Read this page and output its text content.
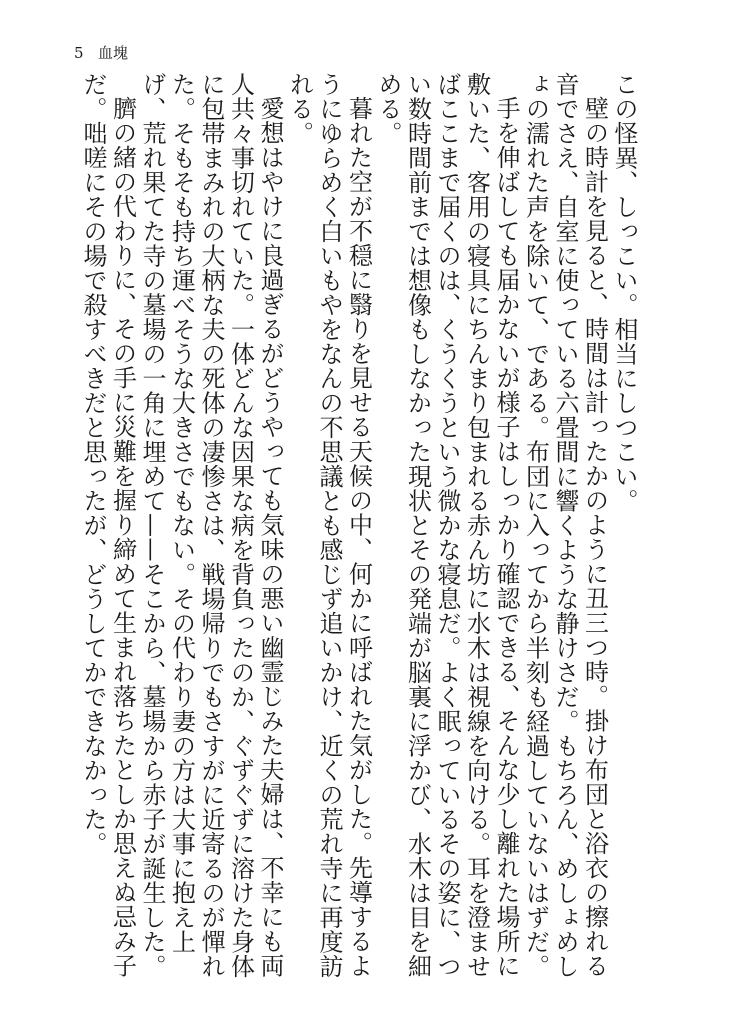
5 血塊

この怪異、しっこい。相当にしつこい。

壁の時計を見ると、時間は計ったかのように丑三つ時。掛け布団と浴衣の擦れる音でさえ、自室に使っている六畳間に響くような静けさだ。もちろん、めしょめしょの濡れた声を除いて、である。布団に入ってから半刻も経過していないはずだ。

手を伸ばしても届かないが様子はしっかり確認できる、そんな少し離れた場所に敷いた、客用の寝具にちんまり包まれる赤ん坊に水木は視線を向ける。耳を澄ませばここまで届くのは、くうくうという微かな寝息だ。よく眠っているその姿に、つい数時間前までは想像もしなかった現状とその発端が脳裏に浮かび、水木は目を細める。

暮れた空が不穏に翳りを見せる天候の中、何かに呼ばれた気がした。先導するようにゆらめく白いもやをなんの不思議とも感じず追いかけ、近くの荒れ寺に再度訪れる。

愛想はやけに良過ぎるがどうやっても気味の悪い幽霊じみた夫婦は、不幸にも両人共々事切れていた。一体どんな因果な病を背負ったのか、ぐずぐずに溶けた身体に包帯まみれの大柄な夫の死体の凄惨さは、戦場帰りでもさすがに近寄るのが憚れた。そもそも持ち運べそうな大きさでもない。その代わり妻の方は大事に抱え上げ、荒れ果てた寺の墓場の一角に埋めて——そこから、墓場から赤子が誕生した。

臍の緒の代わりに、その手に災難を握り締めて生まれ落ちたとしか思えぬ忌み子だ。咄嗟にその場で殺すべきだと思ったが、どうしてかできなかった。
